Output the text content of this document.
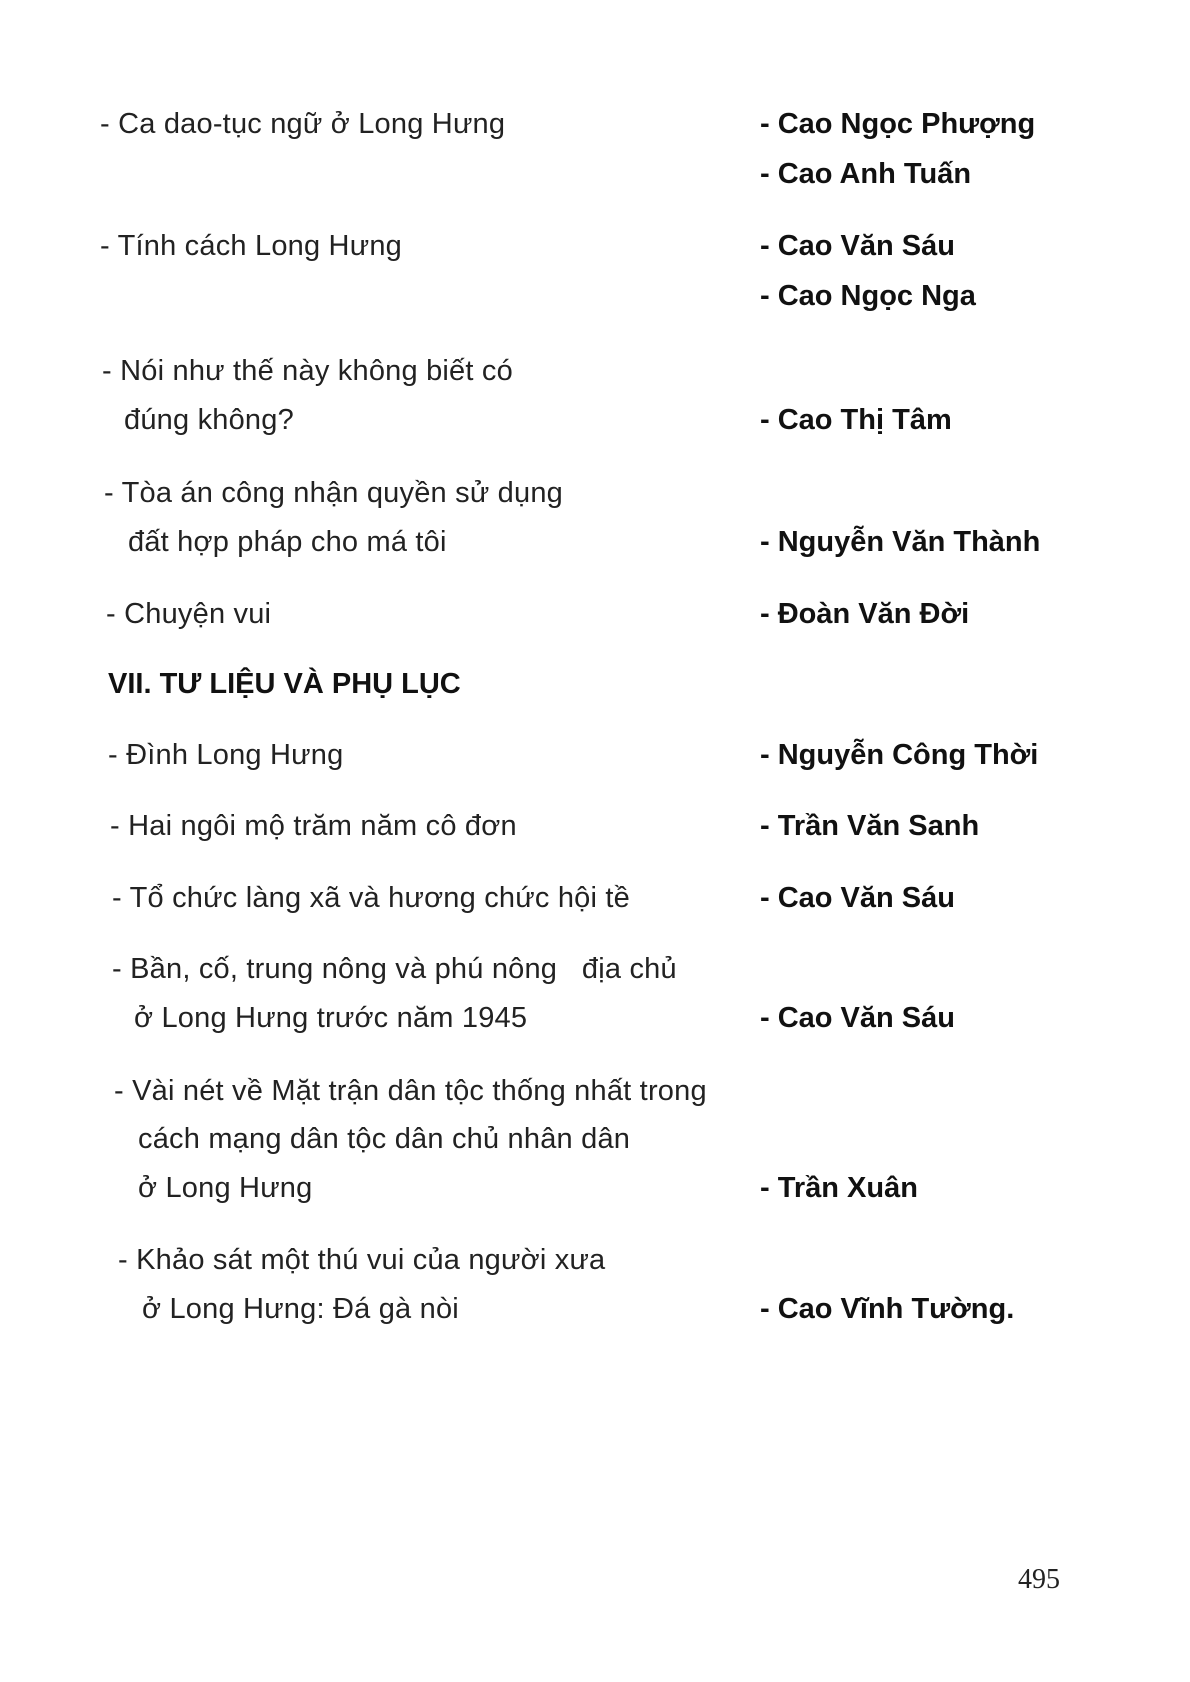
- Ca dao-tục ngữ ở Long Hưng	- Cao Ngọc Phượng
- Cao Anh Tuấn
- Tính cách Long Hưng	- Cao Văn Sáu
- Cao Ngọc Nga
- Nói như thế này không biết có
đúng không?	- Cao Thị Tâm
- Tòa án công nhận quyền sử dụng
đất hợp pháp cho má tôi	- Nguyễn Văn Thành
- Chuyện vui	- Đoàn Văn Đời
VII. TƯ LIỆU VÀ PHỤ LỤC
- Đình Long Hưng	- Nguyễn Công Thời
- Hai ngôi mộ trăm năm cô đơn	- Trần Văn Sanh
- Tổ chức làng xã và hương chức hội tề	- Cao Văn Sáu
- Bần, cố, trung nông và phú nông   địa chủ
ở Long Hưng trước năm 1945	- Cao Văn Sáu
- Vài nét về Mặt trận dân tộc thống nhất trong
cách mạng dân tộc dân chủ nhân dân
ở Long Hưng	- Trần Xuân
- Khảo sát một thú vui của người xưa
ở Long Hưng: Đá gà nòi	- Cao Vĩnh Tường.
495
